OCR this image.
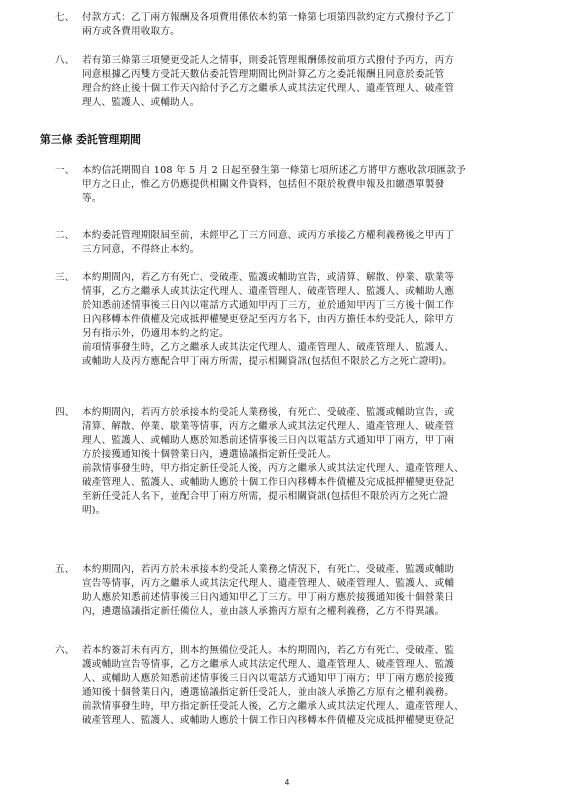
七、 付款方式：乙丁兩方報酬及各項費用係依本約第一條第七項第四款約定方式撥付予乙丁
兩方或各費用收取方。
八、 若有第三條第三項變更受託人之情事，則委託管理報酬係按前項方式撥付予丙方，丙方
同意根據乙丙雙方受託天數佔委託管理期間比例計算乙方之委託報酬且同意於委託管
理合約終止後十個工作天內給付予乙方之繼承人或其法定代理人、遺產管理人、破產管
理人、監護人、或輔助人。
第三條 委託管理期間
一、 本約信託期間自 108 年 5 月 2 日起至發生第一條第七項所述乙方將甲方應收款項匯款予
甲方之日止，惟乙方仍應提供相關文件資料，包括但不限於稅費申報及扣繳憑單製發
等。
二、 本約委託管理期限屆至前，未經甲乙丁三方同意、或丙方承接乙方權利義務後之甲丙丁
三方同意，不得終止本約。
三、 本約期間內，若乙方有死亡、受破產、監護或輔助宣告，或清算、解散、停業、歇業等
情事，乙方之繼承人或其法定代理人、遺產管理人、破產管理人、監護人、或輔助人應
於知悉前述情事後三日內以電話方式通知甲丙丁三方，並於通知甲丙丁三方後十個工作
日內移轉本件債權及完成抵押權變更登記至丙方名下，由丙方擔任本約受託人，除甲方
另有指示外，仍適用本約之約定。
前項情事發生時，乙方之繼承人或其法定代理人、遺產管理人、破產管理人、監護人、
或輔助人及丙方應配合甲丁兩方所需，提示相關資訊(包括但不限於乙方之死亡證明)。
四、 本約期間內，若丙方於承接本約受託人業務後，有死亡、受破產、監護或輔助宣告，或
清算、解散、停業、歇業等情事，丙方之繼承人或其法定代理人、遺產管理人、破產管
理人、監護人、或輔助人應於知悉前述情事後三日內以電話方式通知甲丁兩方，甲丁兩
方於接獲通知後十個營業日內，遴選協議指定新任受託人。
前款情事發生時，甲方指定新任受託人後，丙方之繼承人或其法定代理人、遺產管理人、
破產管理人、監護人、或輔助人應於十個工作日內移轉本件債權及完成抵押權變更登記
至新任受託人名下，並配合甲丁兩方所需，提示相關資訊(包括但不限於丙方之死亡證
明)。
五、 本約期間內，若丙方於未承接本約受託人業務之情況下，有死亡、受破產、監護或輔助
宣告等情事，丙方之繼承人或其法定代理人、遺產管理人、破產管理人、監護人、或輔
助人應於知悉前述情事後三日內通知甲乙丁三方。甲丁兩方應於接獲通知後十個營業日
內，遴選協議指定新任備位人，並由該人承擔丙方原有之權利義務，乙方不得異議。
六、 若本約簽訂未有丙方，則本約無備位受託人。本約期間內，若乙方有死亡、受破產、監
護或輔助宣告等情事，乙方之繼承人或其法定代理人、遺產管理人、破產管理人、監護
人、或輔助人應於知悉前述情事後三日內以電話方式通知甲丁兩方；甲丁兩方應於接獲
通知後十個營業日內，遴選協議指定新任受託人，並由該人承擔乙方原有之權利義務。
前款情事發生時，甲方指定新任受託人後，乙方之繼承人或其法定代理人、遺產管理人、
破產管理人、監護人、或輔助人應於十個工作日內移轉本件債權及完成抵押權變更登記
4
